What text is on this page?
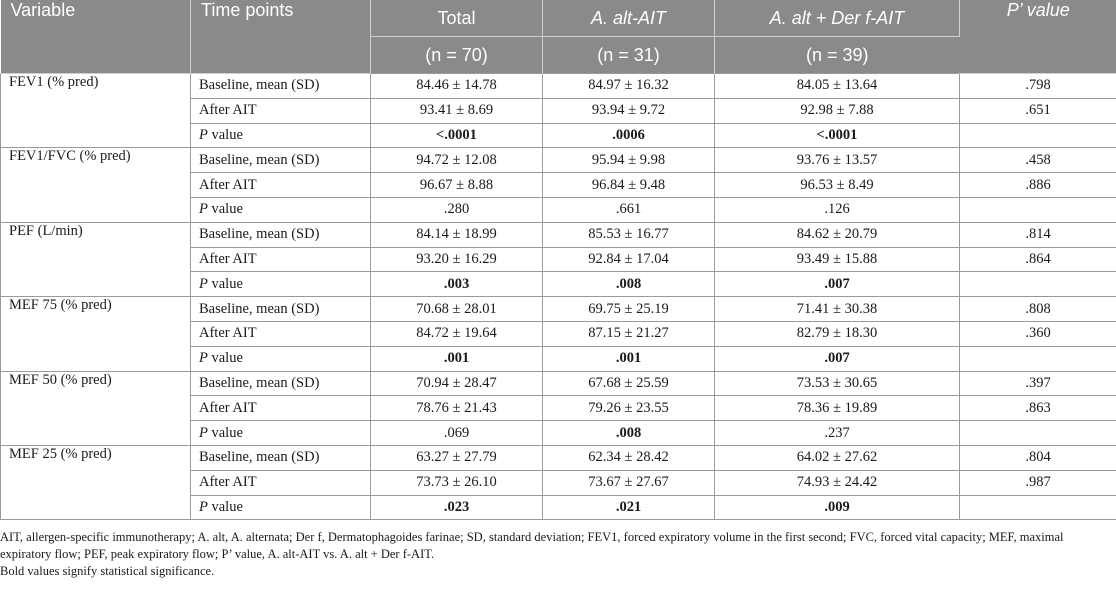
Variable	Time points	Total	A. alt-AIT	A. alt + Der f-AIT	P’ value
		(n = 70)	(n = 31)	(n = 39)	
FEV1 (% pred)	Baseline, mean (SD)	84.46 ± 14.78	84.97 ± 16.32	84.05 ± 13.64	.798
	After AIT	93.41 ± 8.69	93.94 ± 9.72	92.98 ± 7.88	.651
	P value	<.0001	.0006	<.0001	
FEV1/FVC (% pred)	Baseline, mean (SD)	94.72 ± 12.08	95.94 ± 9.98	93.76 ± 13.57	.458
	After AIT	96.67 ± 8.88	96.84 ± 9.48	96.53 ± 8.49	.886
	P value	.280	.661	.126	
PEF (L/min)	Baseline, mean (SD)	84.14 ± 18.99	85.53 ± 16.77	84.62 ± 20.79	.814
	After AIT	93.20 ± 16.29	92.84 ± 17.04	93.49 ± 15.88	.864
	P value	.003	.008	.007	
MEF 75 (% pred)	Baseline, mean (SD)	70.68 ± 28.01	69.75 ± 25.19	71.41 ± 30.38	.808
	After AIT	84.72 ± 19.64	87.15 ± 21.27	82.79 ± 18.30	.360
	P value	.001	.001	.007	
MEF 50 (% pred)	Baseline, mean (SD)	70.94 ± 28.47	67.68 ± 25.59	73.53 ± 30.65	.397
	After AIT	78.76 ± 21.43	79.26 ± 23.55	78.36 ± 19.89	.863
	P value	.069	.008	.237	
MEF 25 (% pred)	Baseline, mean (SD)	63.27 ± 27.79	62.34 ± 28.42	64.02 ± 27.62	.804
	After AIT	73.73 ± 26.10	73.67 ± 27.67	74.93 ± 24.42	.987
	P value	.023	.021	.009	

AIT, allergen-specific immunotherapy; A. alt, A. alternata; Der f, Dermatophagoides farinae; SD, standard deviation; FEV1, forced expiratory volume in the first second; FVC, forced vital capacity; MEF, maximal expiratory flow; PEF, peak expiratory flow; P’ value, A. alt-AIT vs. A. alt + Der f-AIT.

Bold values signify statistical significance.
